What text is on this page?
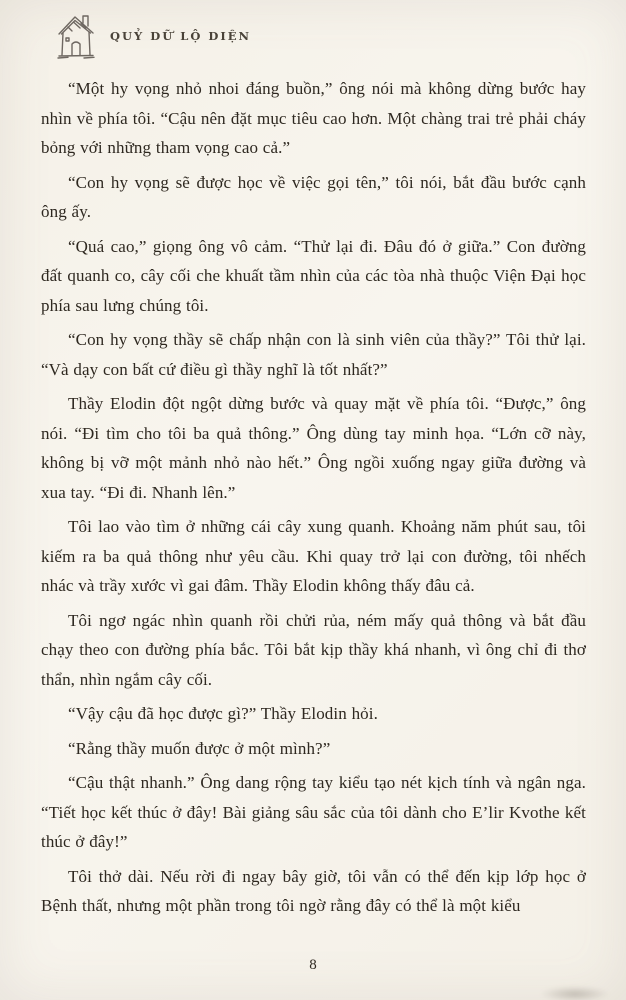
QUỶ DỮ LỘ DIỆN

“Một hy vọng nhỏ nhoi đáng buồn,” ông nói mà không dừng bước hay nhìn về phía tôi. “Cậu nên đặt mục tiêu cao hơn. Một chàng trai trẻ phải cháy bỏng với những tham vọng cao cả.”

“Con hy vọng sẽ được học về việc gọi tên,” tôi nói, bắt đầu bước cạnh ông ấy.

“Quá cao,” giọng ông vô cảm. “Thử lại đi. Đâu đó ở giữa.” Con đường đất quanh co, cây cối che khuất tầm nhìn của các tòa nhà thuộc Viện Đại học phía sau lưng chúng tôi.

“Con hy vọng thầy sẽ chấp nhận con là sinh viên của thầy?” Tôi thử lại. “Và dạy con bất cứ điều gì thầy nghĩ là tốt nhất?”

Thầy Elodin đột ngột dừng bước và quay mặt về phía tôi. “Được,” ông nói. “Đi tìm cho tôi ba quả thông.” Ông dùng tay minh họa. “Lớn cỡ này, không bị vỡ một mảnh nhỏ nào hết.” Ông ngồi xuống ngay giữa đường và xua tay. “Đi đi. Nhanh lên.”

Tôi lao vào tìm ở những cái cây xung quanh. Khoảng năm phút sau, tôi kiếm ra ba quả thông như yêu cầu. Khi quay trở lại con đường, tôi nhếch nhác và trầy xước vì gai đâm. Thầy Elodin không thấy đâu cả.

Tôi ngơ ngác nhìn quanh rồi chửi rủa, ném mấy quả thông và bắt đầu chạy theo con đường phía bắc. Tôi bắt kịp thầy khá nhanh, vì ông chỉ đi thơ thẩn, nhìn ngắm cây cối.

“Vậy cậu đã học được gì?” Thầy Elodin hỏi.

“Rằng thầy muốn được ở một mình?”

“Cậu thật nhanh.” Ông dang rộng tay kiểu tạo nét kịch tính và ngân nga. “Tiết học kết thúc ở đây! Bài giảng sâu sắc của tôi dành cho E’lir Kvothe kết thúc ở đây!”

Tôi thở dài. Nếu rời đi ngay bây giờ, tôi vẫn có thể đến kịp lớp học ở Bệnh thất, nhưng một phần trong tôi ngờ rằng đây có thể là một kiểu

8
